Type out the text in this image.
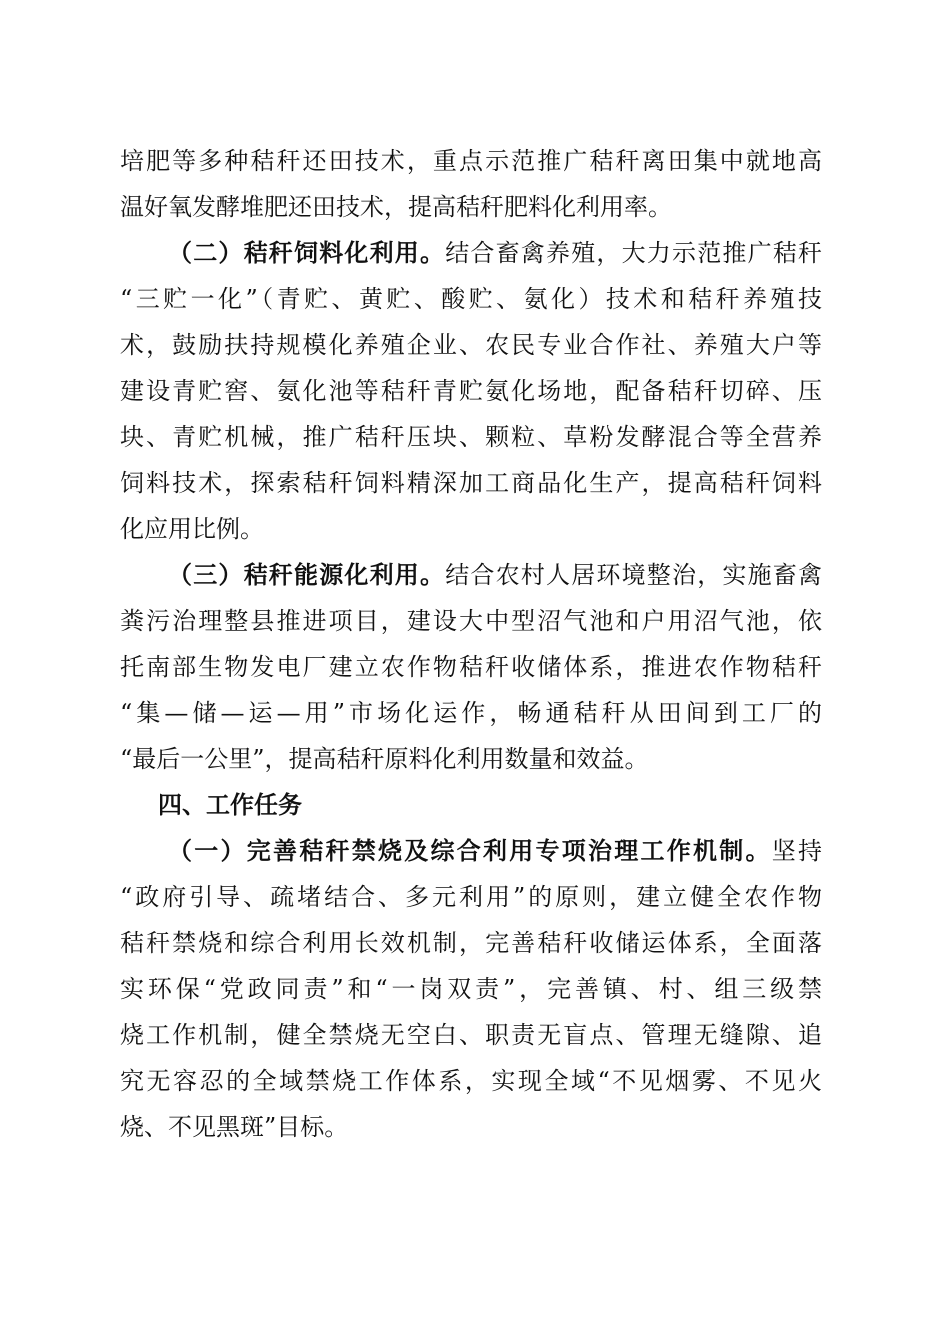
培肥等多种秸秆还田技术，重点示范推广秸秆离田集中就地高
温好氧发酵堆肥还田技术，提高秸秆肥料化利用率。
（二）秸秆饲料化利用。结合畜禽养殖，大力示范推广秸秆
“三贮一化”（青贮、黄贮、酸贮、氨化）技术和秸秆养殖技
术，鼓励扶持规模化养殖企业、农民专业合作社、养殖大户等
建设青贮窖、氨化池等秸秆青贮氨化场地，配备秸秆切碎、压
块、青贮机械，推广秸秆压块、颗粒、草粉发酵混合等全营养
饲料技术，探索秸秆饲料精深加工商品化生产，提高秸秆饲料
化应用比例。
（三）秸秆能源化利用。结合农村人居环境整治，实施畜禽
粪污治理整县推进项目，建设大中型沼气池和户用沼气池，依
托南部生物发电厂建立农作物秸秆收储体系，推进农作物秸秆
“集—储—运—用”市场化运作，畅通秸秆从田间到工厂的
“最后一公里”，提高秸秆原料化利用数量和效益。
四、工作任务
（一）完善秸秆禁烧及综合利用专项治理工作机制。坚持
“政府引导、疏堵结合、多元利用”的原则，建立健全农作物
秸秆禁烧和综合利用长效机制，完善秸秆收储运体系，全面落
实环保“党政同责”和“一岗双责”，完善镇、村、组三级禁
烧工作机制，健全禁烧无空白、职责无盲点、管理无缝隙、追
究无容忍的全域禁烧工作体系，实现全域“不见烟雾、不见火
烧、不见黑斑”目标。
